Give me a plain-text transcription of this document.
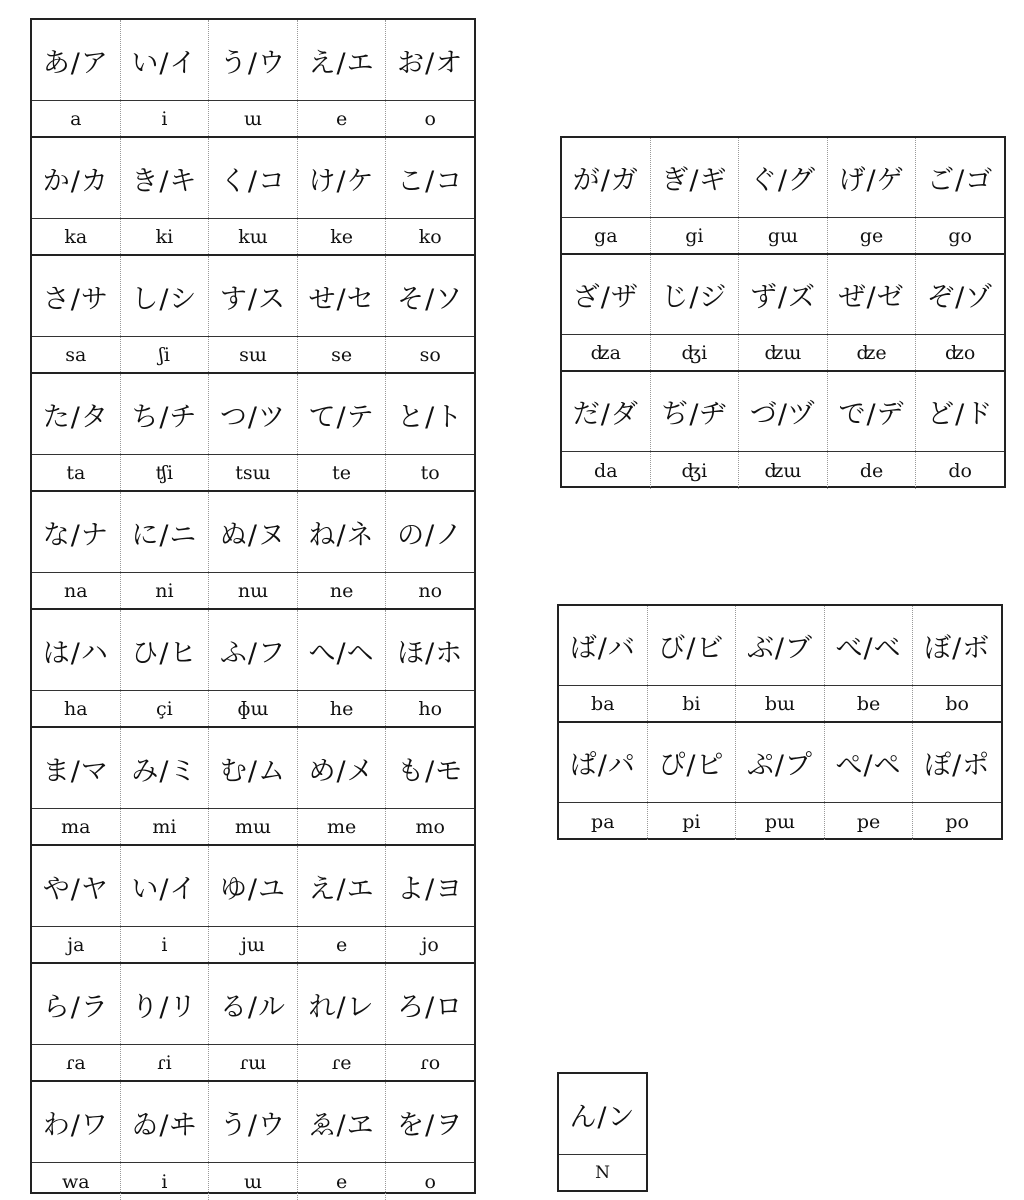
あ/ア い/イ う/ウ え/エ お/オ
a	i	ɯ	e	o
か/カ き/キ く/コ け/ケ こ/コ
ka	ki	kɯ	ke	ko
さ/サ し/シ す/ス せ/セ そ/ソ
sa	ʃi	sɯ	se	so
た/タ ち/チ つ/ツ て/テ と/ト
ta	ʧi	tsɯ	te	to
な/ナ に/ニ ぬ/ヌ ね/ネ の/ノ
na	ni	nɯ	ne	no
は/ハ ひ/ヒ ふ/フ へ/ヘ ほ/ホ
ha	çi	ɸɯ	he	ho
ま/マ み/ミ む/ム め/メ も/モ
ma	mi	mɯ	me	mo
や/ヤ い/イ ゆ/ユ え/エ よ/ヨ
ja	i	jɯ	e	jo
ら/ラ り/リ る/ル れ/レ ろ/ロ
ɾa	ɾi	ɾɯ	ɾe	ɾo
わ/ワ ゐ/ヰ う/ウ ゑ/ヱ を/ヲ
wa	i	ɯ	e	o
が/ガ ぎ/ギ ぐ/グ げ/ゲ ご/ゴ
ga	gi	gɯ	ge	go
ざ/ザ じ/ジ ず/ズ ぜ/ゼ ぞ/ゾ
ʣa	ʤi	ʣɯ	ʣe	ʣo
だ/ダ ぢ/ヂ づ/ヅ で/デ ど/ド
da	ʤi	ʣɯ	de	do
ば/バ び/ビ ぶ/ブ べ/ベ ぼ/ボ
ba	bi	bɯ	be	bo
ぱ/パ ぴ/ピ ぷ/プ ぺ/ペ ぽ/ポ
pa	pi	pɯ	pe	po
ん/ン
N
